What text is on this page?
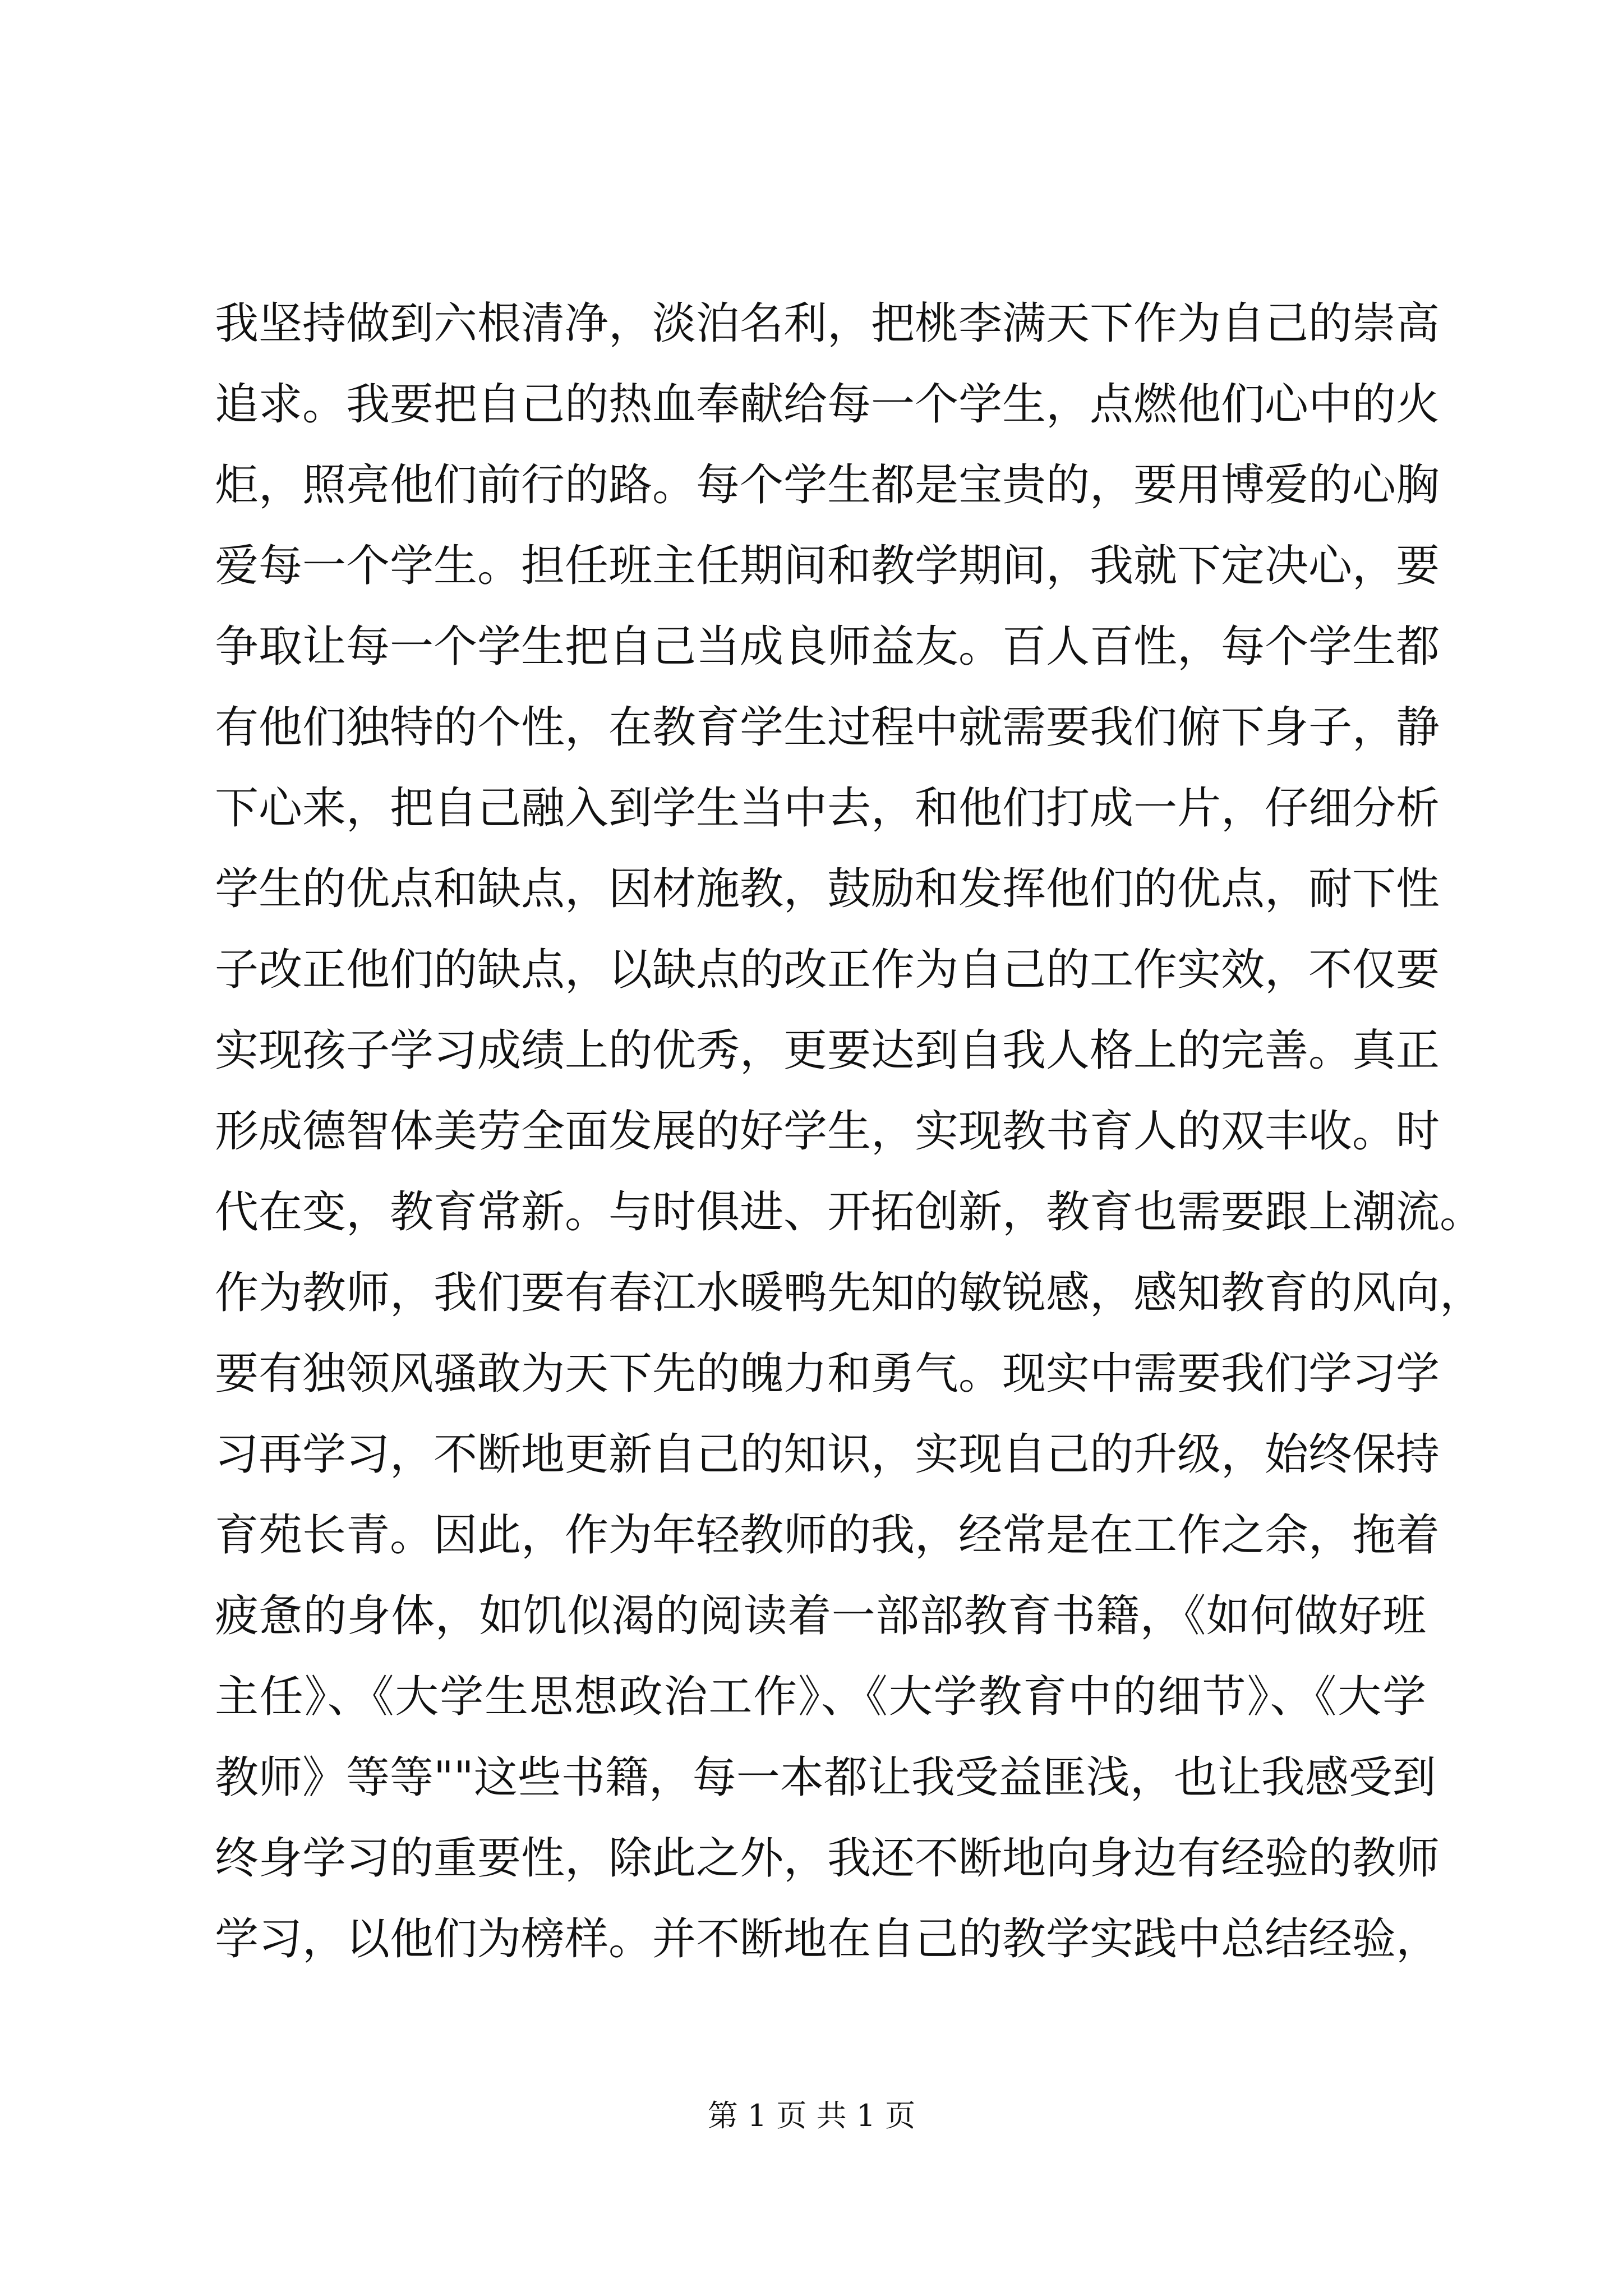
我坚持做到六根清净，淡泊名利，把桃李满天下作为自己的崇高
追求。我要把自己的热血奉献给每一个学生，点燃他们心中的火
炬，照亮他们前行的路。每个学生都是宝贵的，要用博爱的心胸
爱每一个学生。担任班主任期间和教学期间，我就下定决心，要
争取让每一个学生把自己当成良师益友。百人百性，每个学生都
有他们独特的个性，在教育学生过程中就需要我们俯下身子，静
下心来，把自己融入到学生当中去，和他们打成一片，仔细分析
学生的优点和缺点，因材施教，鼓励和发挥他们的优点，耐下性
子改正他们的缺点，以缺点的改正作为自己的工作实效，不仅要
实现孩子学习成绩上的优秀，更要达到自我人格上的完善。真正
形成德智体美劳全面发展的好学生，实现教书育人的双丰收。时
代在变，教育常新。与时俱进、开拓创新，教育也需要跟上潮流。
作为教师，我们要有春江水暖鸭先知的敏锐感，感知教育的风向，
要有独领风骚敢为天下先的魄力和勇气。现实中需要我们学习学
习再学习，不断地更新自己的知识，实现自己的升级，始终保持
育苑长青。因此，作为年轻教师的我，经常是在工作之余，拖着
疲惫的身体，如饥似渴的阅读着一部部教育书籍，《如何做好班
主任》、《大学生思想政治工作》、《大学教育中的细节》、《大学
教师》等等""这些书籍，每一本都让我受益匪浅，也让我感受到
终身学习的重要性，除此之外，我还不断地向身边有经验的教师
学习，以他们为榜样。并不断地在自己的教学实践中总结经验，
第 1 页 共 1 页
